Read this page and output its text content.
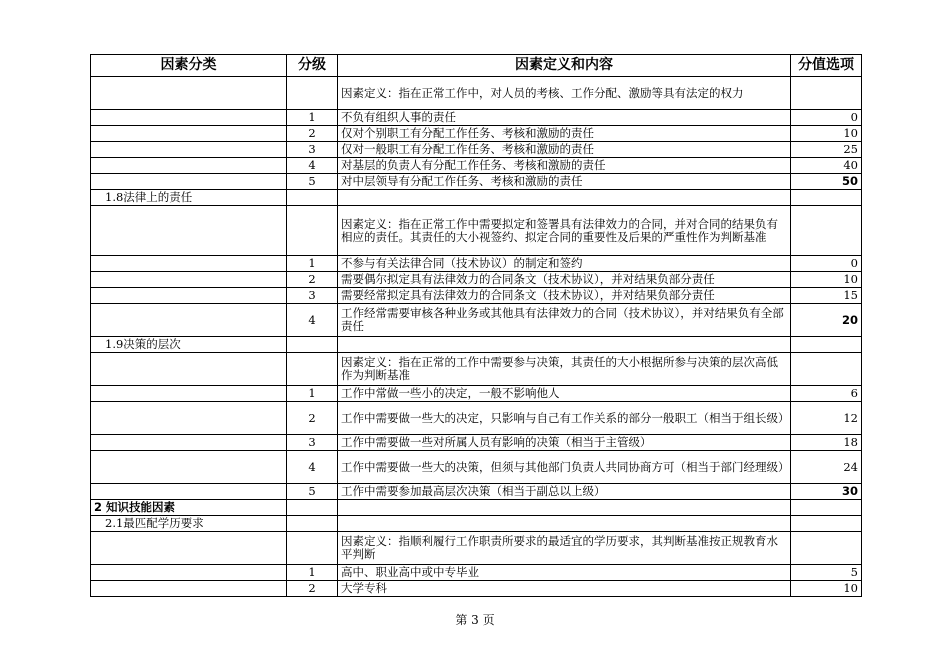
因素分类	分级	因素定义和内容	分值选项
		因素定义：指在正常工作中，对人员的考核、工作分配、激励等具有法定的权力	
	1	不负有组织人事的责任	0
	2	仅对个别职工有分配工作任务、考核和激励的责任	10
	3	仅对一般职工有分配工作任务、考核和激励的责任	25
	4	对基层的负责人有分配工作任务、考核和激励的责任	40
	5	对中层领导有分配工作任务、考核和激励的责任	50
1.8法律上的责任			
		因素定义：指在正常工作中需要拟定和签署具有法律效力的合同，并对合同的结果负有相应的责任。其责任的大小视签约、拟定合同的重要性及后果的严重性作为判断基准	
	1	不参与有关法律合同（技术协议）的制定和签约	0
	2	需要偶尔拟定具有法律效力的合同条文（技术协议），并对结果负部分责任	10
	3	需要经常拟定具有法律效力的合同条文（技术协议），并对结果负部分责任	15
	4	工作经常需要审核各种业务或其他具有法律效力的合同（技术协议），并对结果负有全部责任	20
1.9决策的层次			
		因素定义：指在正常的工作中需要参与决策，其责任的大小根据所参与决策的层次高低作为判断基准	
	1	工作中常做一些小的决定，一般不影响他人	6
	2	工作中需要做一些大的决定，只影响与自己有工作关系的部分一般职工（相当于组长级）	12
	3	工作中需要做一些对所属人员有影响的决策（相当于主管级）	18
	4	工作中需要做一些大的决策，但须与其他部门负责人共同协商方可（相当于部门经理级）	24
	5	工作中需要参加最高层次决策（相当于副总以上级）	30
2 知识技能因素			
2.1最匹配学历要求			
		因素定义：指顺利履行工作职责所要求的最适宜的学历要求，其判断基准按正规教育水平判断	
	1	高中、职业高中或中专毕业	5
	2	大学专科	10
第 3 页
